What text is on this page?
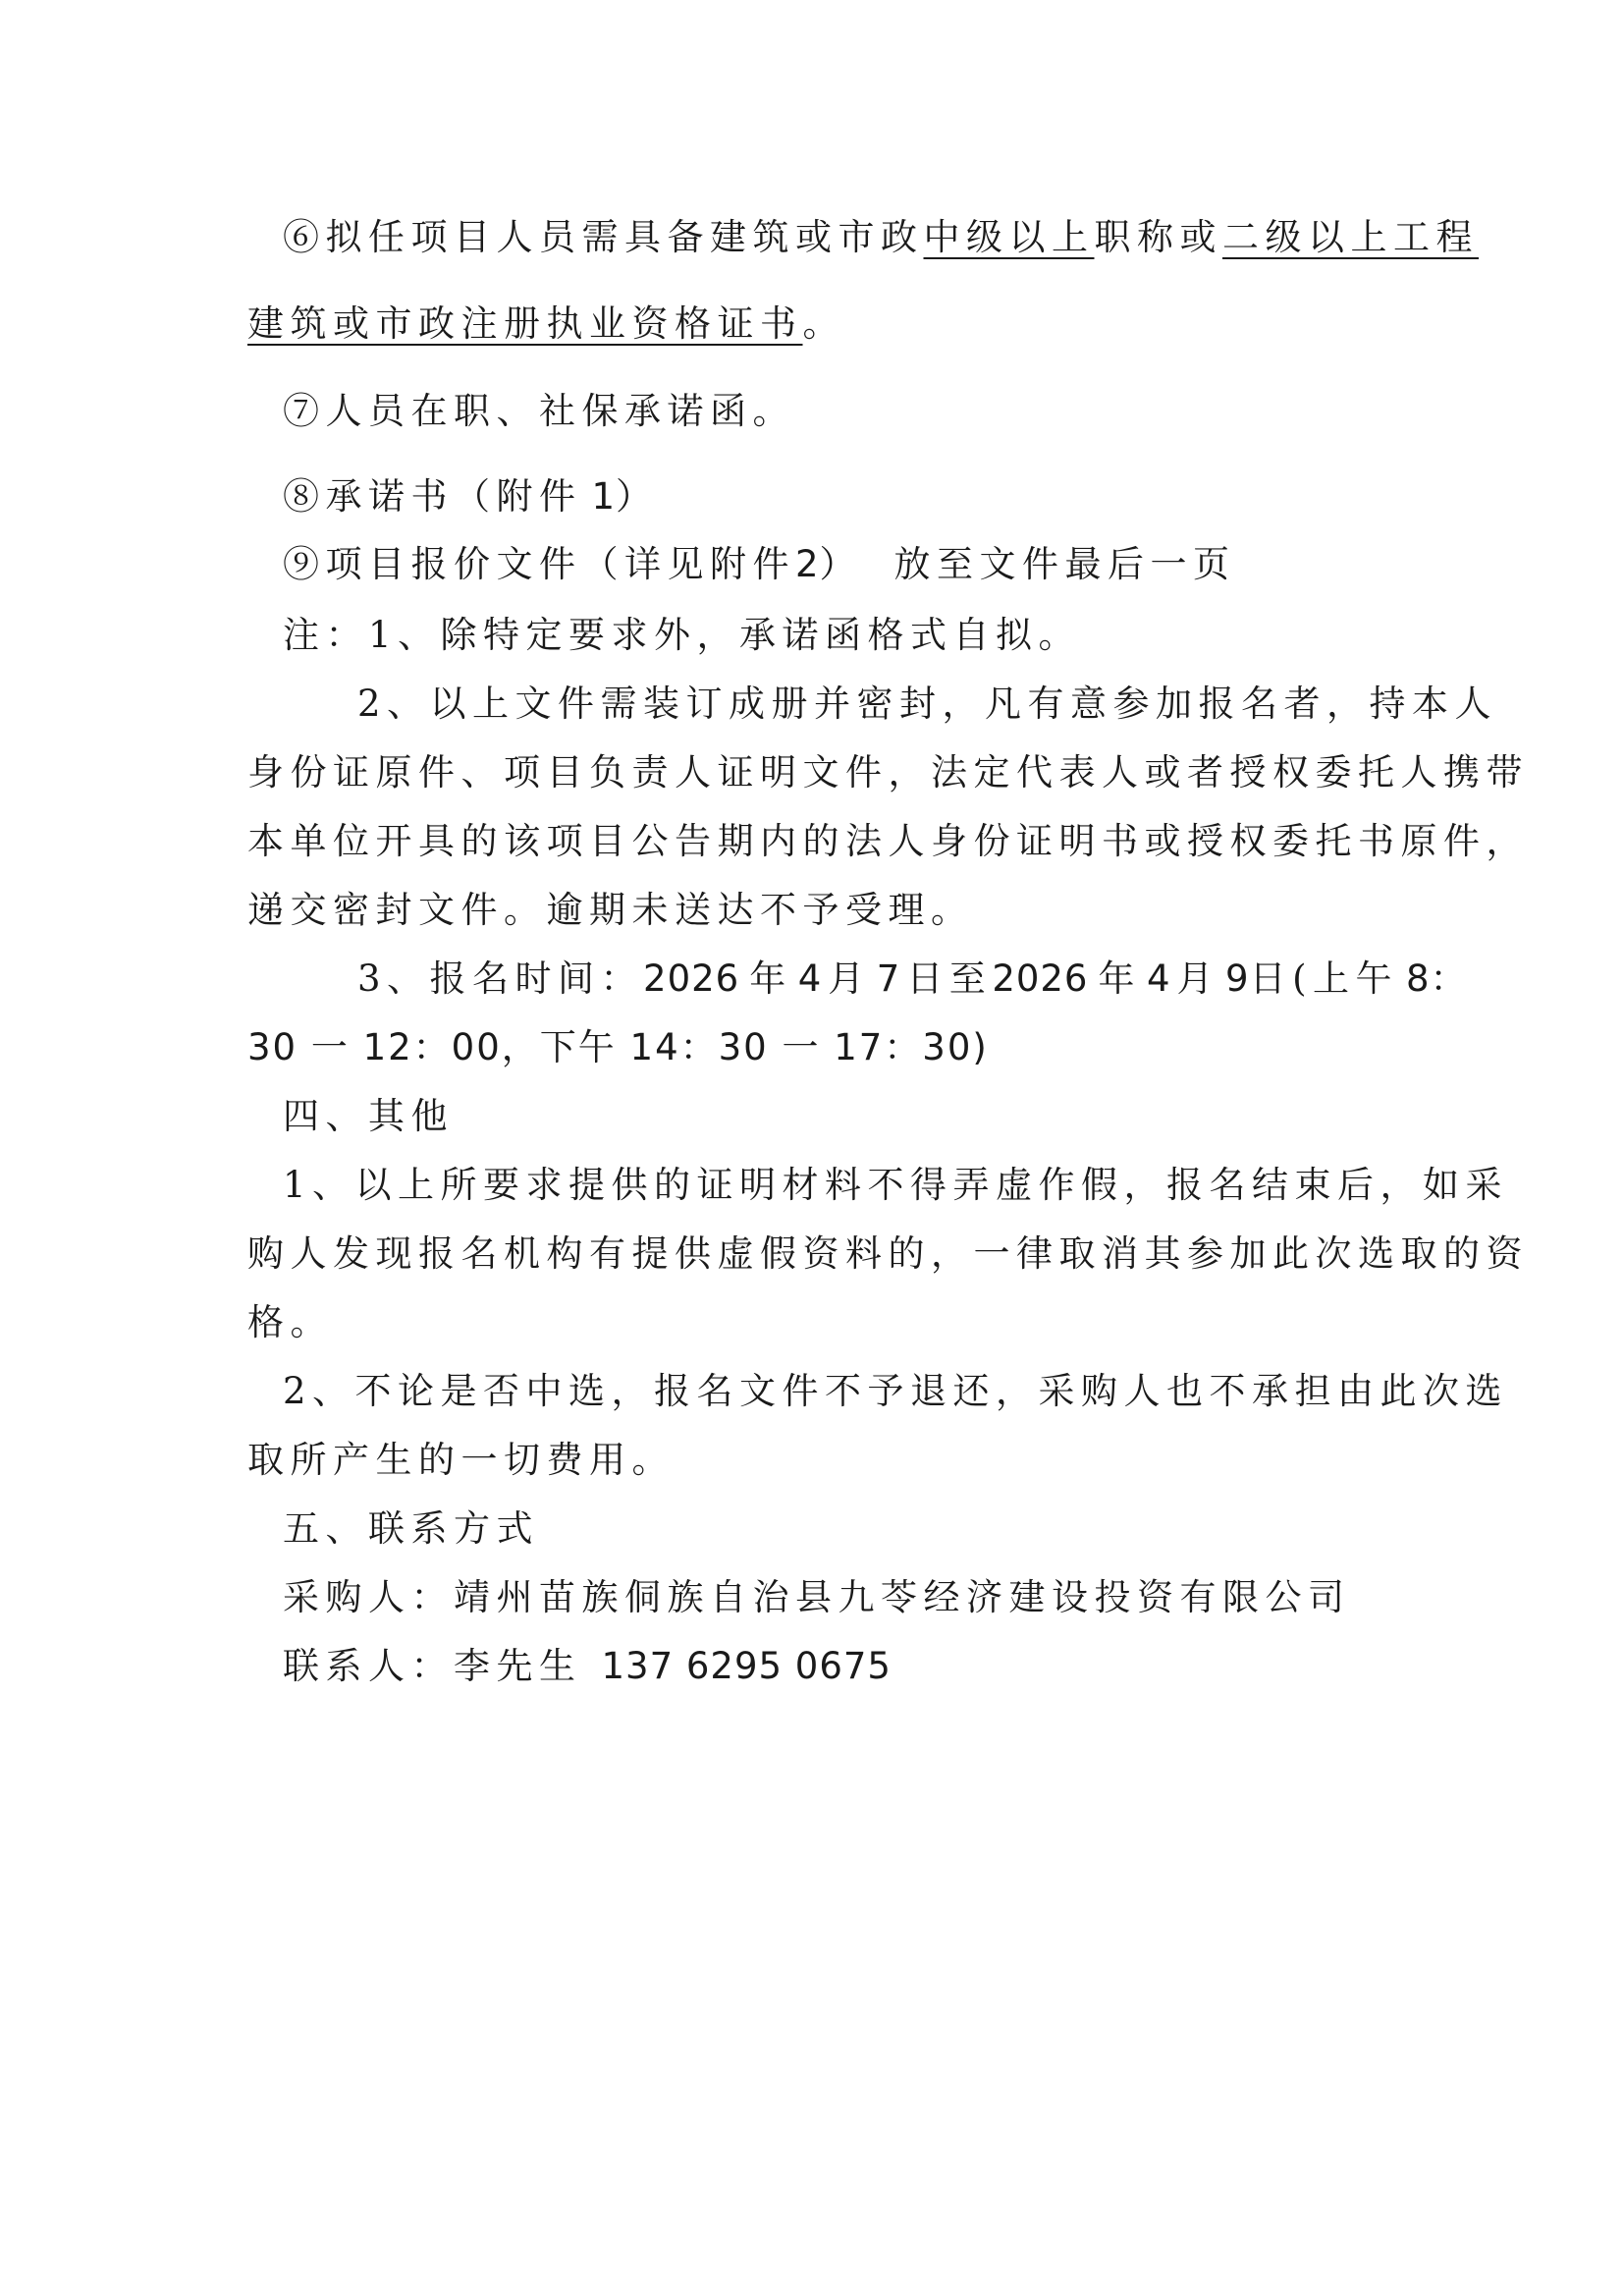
⑥拟任项目人员需具备建筑或市政中级以上职称或二级以上工程
建筑或市政注册执业资格证书。
⑦人员在职、社保承诺函。
⑧承诺书（附件 1）
⑨项目报价文件（详见附件2） 放至文件最后一页
注：1、除特定要求外，承诺函格式自拟。
2、以上文件需装订成册并密封，凡有意参加报名者，持本人
身份证原件、项目负责人证明文件，法定代表人或者授权委托人携带
本单位开具的该项目公告期内的法人身份证明书或授权委托书原件，
递交密封文件。逾期未送达不予受理。
3、报名时间：2026 年 4 月 7 日至2026 年 4 月 9日(上午 8：
30 一 12：00，下午 14：30 一 17：30)
四、其他
1、以上所要求提供的证明材料不得弄虚作假，报名结束后，如采
购人发现报名机构有提供虚假资料的，一律取消其参加此次选取的资
格。
2、不论是否中选，报名文件不予退还，采购人也不承担由此次选
取所产生的一切费用。
五、联系方式
采购人：靖州苗族侗族自治县九苓经济建设投资有限公司
联系人：李先生 137 6295 0675
